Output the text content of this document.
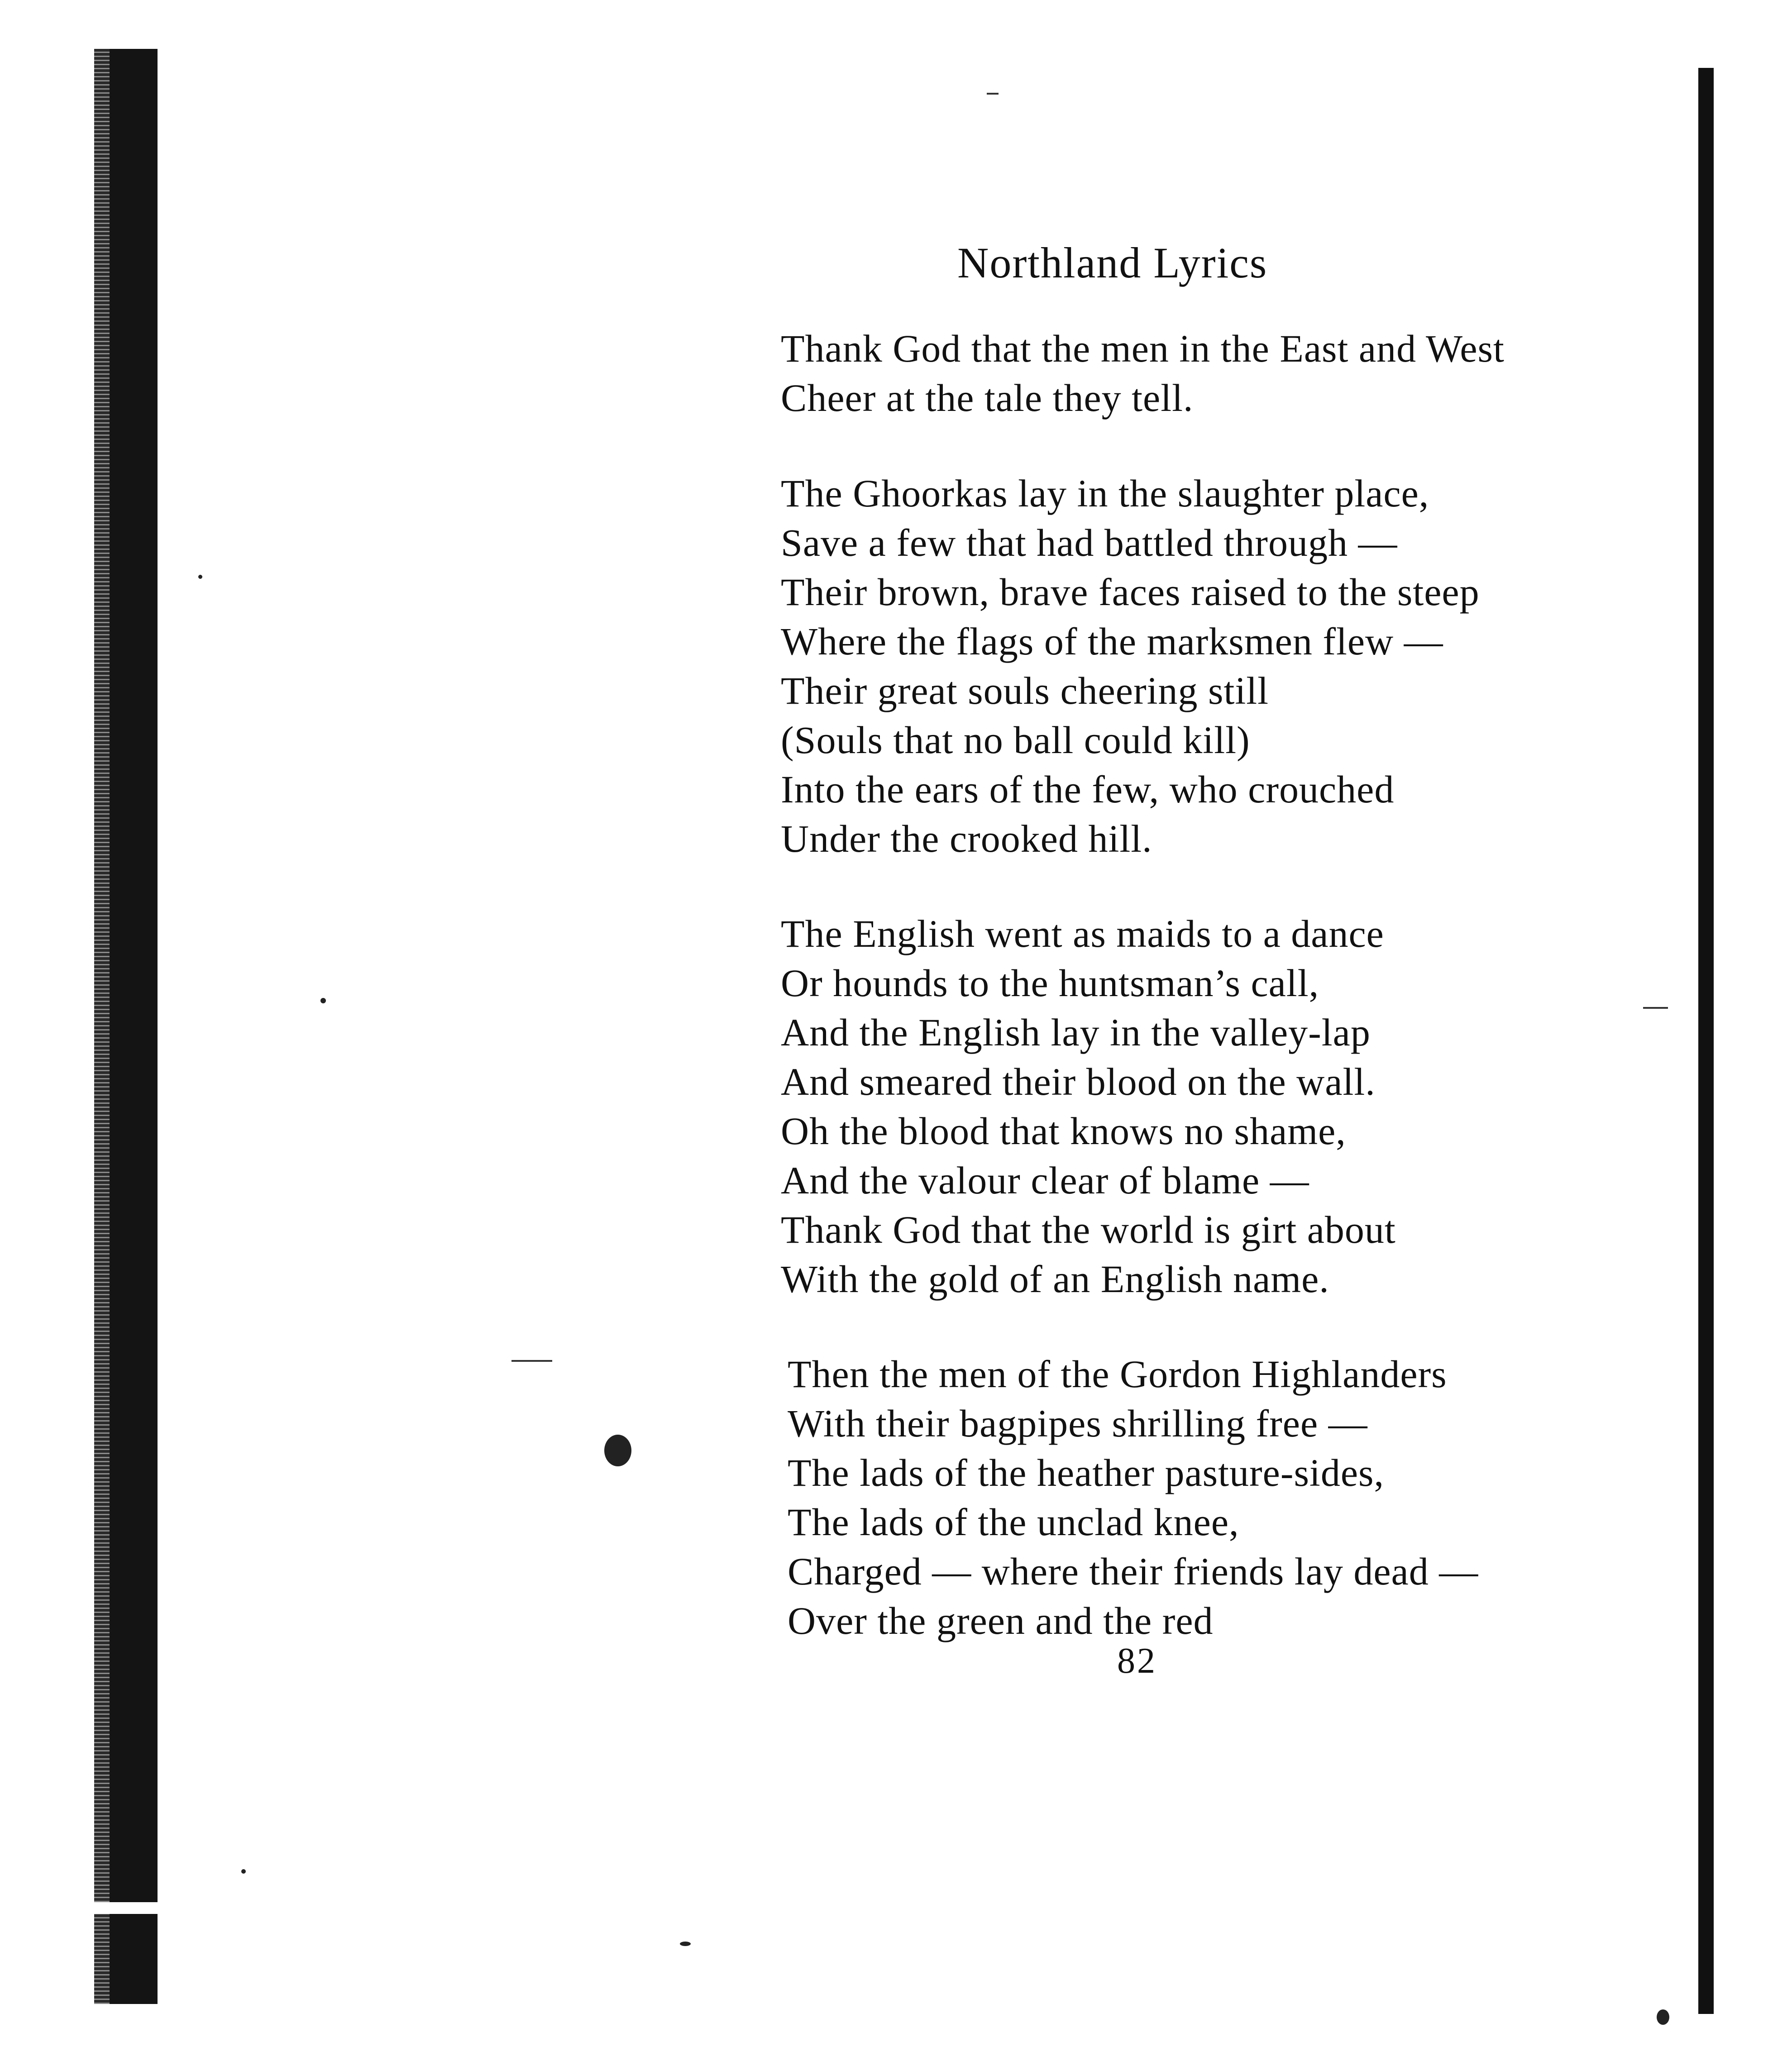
Northland Lyrics
Thank God that the men in the East and West
Cheer at the tale they tell.
The Ghoorkas lay in the slaughter place,
Save a few that had battled through —
Their brown, brave faces raised to the steep
Where the flags of the marksmen flew —
Their great souls cheering still
(Souls that no ball could kill)
Into the ears of the few, who crouched
Under the crooked hill.
The English went as maids to a dance
Or hounds to the huntsman’s call,
And the English lay in the valley-lap
And smeared their blood on the wall.
Oh the blood that knows no shame,
And the valour clear of blame —
Thank God that the world is girt about
With the gold of an English name.
Then the men of the Gordon Highlanders
With their bagpipes shrilling free —
The lads of the heather pasture-sides,
The lads of the unclad knee,
Charged — where their friends lay dead —
Over the green and the red
82
